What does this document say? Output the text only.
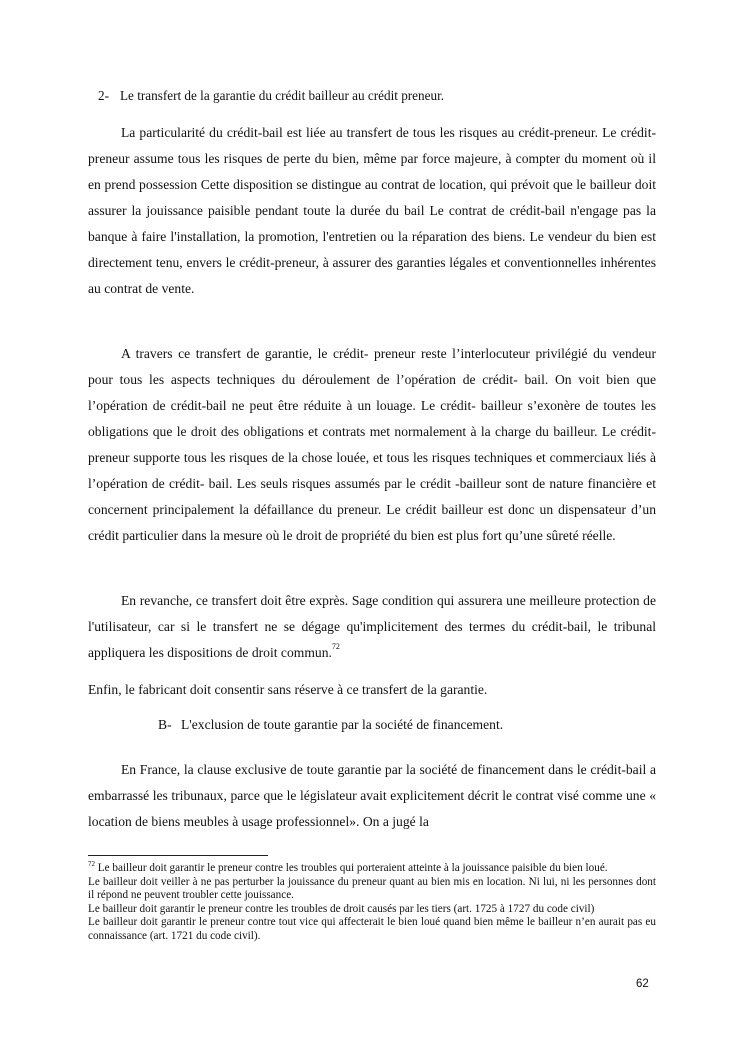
2- Le transfert de la garantie du crédit bailleur au crédit preneur.

La particularité du crédit-bail est liée au transfert de tous les risques au crédit-preneur. Le crédit-preneur assume tous les risques de perte du bien, même par force majeure, à compter du moment où il en prend possession Cette disposition se distingue au contrat de location, qui prévoit que le bailleur doit assurer la jouissance paisible pendant toute la durée du bail Le contrat de crédit-bail n'engage pas la banque à faire l'installation, la promotion, l'entretien ou la réparation des biens. Le vendeur du bien est directement tenu, envers le crédit-preneur, à assurer des garanties légales et conventionnelles inhérentes au contrat de vente.

A travers ce transfert de garantie, le crédit- preneur reste l’interlocuteur privilégié du vendeur pour tous les aspects techniques du déroulement de l’opération de crédit- bail. On voit bien que l’opération de crédit-bail ne peut être réduite à un louage. Le crédit- bailleur s’exonère de toutes les obligations que le droit des obligations et contrats met normalement à la charge du bailleur. Le crédit- preneur supporte tous les risques de la chose louée, et tous les risques techniques et commerciaux liés à l’opération de crédit- bail. Les seuls risques assumés par le crédit -bailleur sont de nature financière et concernent principalement la défaillance du preneur. Le crédit bailleur est donc un dispensateur d’un crédit particulier dans la mesure où le droit de propriété du bien est plus fort qu’une sûreté réelle.

En revanche, ce transfert doit être exprès. Sage condition qui assurera une meilleure protection de l'utilisateur, car si le transfert ne se dégage qu'implicitement des termes du crédit-bail, le tribunal appliquera les dispositions de droit commun.$^{72}$

Enfin, le fabricant doit consentir sans réserve à ce transfert de la garantie.

B- L'exclusion de toute garantie par la société de financement.

En France, la clause exclusive de toute garantie par la société de financement dans le crédit-bail a embarrassé les tribunaux, parce que le législateur avait explicitement décrit le contrat visé comme une « location de biens meubles à usage professionnel». On a jugé la

$^{72}$ Le bailleur doit garantir le preneur contre les troubles qui porteraient atteinte à la jouissance paisible du bien loué.

Le bailleur doit veiller à ne pas perturber la jouissance du preneur quant au bien mis en location. Ni lui, ni les personnes dont il répond ne peuvent troubler cette jouissance.

Le bailleur doit garantir le preneur contre les troubles de droit causés par les tiers (art. 1725 à 1727 du code civil)

Le bailleur doit garantir le preneur contre tout vice qui affecterait le bien loué quand bien même le bailleur n’en aurait pas eu connaissance (art. 1721 du code civil).

62
